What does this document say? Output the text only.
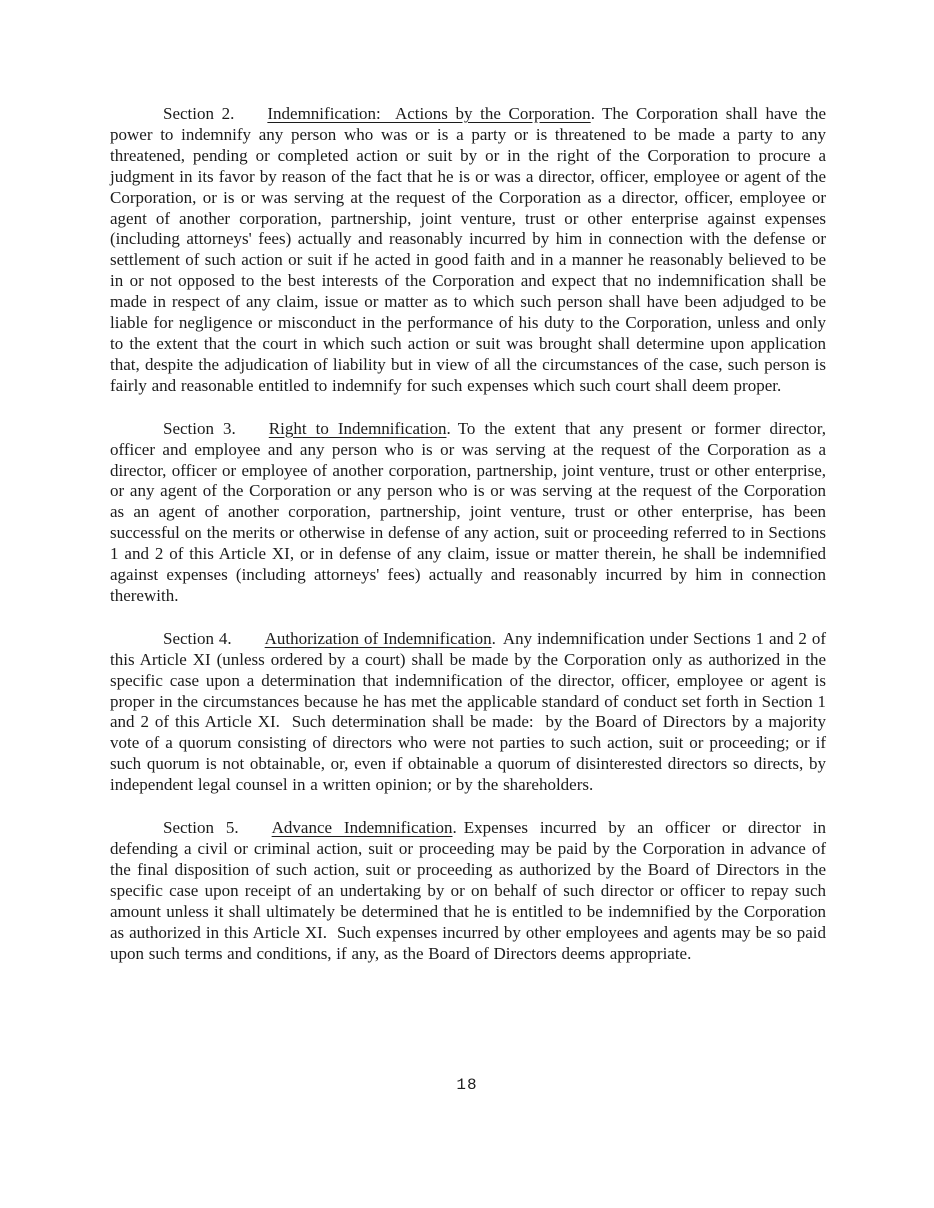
Section 2. Indemnification:  Actions by the Corporation. The Corporation shall have the power to indemnify any person who was or is a party or is threatened to be made a party to any threatened, pending or completed action or suit by or in the right of the Corporation to procure a judgment in its favor by reason of the fact that he is or was a director, officer, employee or agent of the Corporation, or is or was serving at the request of the Corporation as a director, officer, employee or agent of another corporation, partnership, joint venture, trust or other enterprise against expenses (including attorneys' fees) actually and reasonably incurred by him in connection with the defense or settlement of such action or suit if he acted in good faith and in a manner he reasonably believed to be in or not opposed to the best interests of the Corporation and expect that no indemnification shall be made in respect of any claim, issue or matter as to which such person shall have been adjudged to be liable for negligence or misconduct in the performance of his duty to the Corporation, unless and only to the extent that the court in which such action or suit was brought shall determine upon application that, despite the adjudication of liability but in view of all the circumstances of the case, such person is fairly and reasonable entitled to indemnify for such expenses which such court shall deem proper.

Section 3. Right to Indemnification. To the extent that any present or former director, officer and employee and any person who is or was serving at the request of the Corporation as a director, officer or employee of another corporation, partnership, joint venture, trust or other enterprise, or any agent of the Corporation or any person who is or was serving at the request of the Corporation as an agent of another corporation, partnership, joint venture, trust or other enterprise, has been successful on the merits or otherwise in defense of any action, suit or proceeding referred to in Sections 1 and 2 of this Article XI, or in defense of any claim, issue or matter therein, he shall be indemnified against expenses (including attorneys' fees) actually and reasonably incurred by him in connection therewith.

Section 4. Authorization of Indemnification. Any indemnification under Sections 1 and 2 of this Article XI (unless ordered by a court) shall be made by the Corporation only as authorized in the specific case upon a determination that indemnification of the director, officer, employee or agent is proper in the circumstances because he has met the applicable standard of conduct set forth in Section 1 and 2 of this Article XI.  Such determination shall be made:  by the Board of Directors by a majority vote of a quorum consisting of directors who were not parties to such action, suit or proceeding; or if such quorum is not obtainable, or, even if obtainable a quorum of disinterested directors so directs, by independent legal counsel in a written opinion; or by the shareholders.

Section 5. Advance Indemnification. Expenses incurred by an officer or director in defending a civil or criminal action, suit or proceeding may be paid by the Corporation in advance of the final disposition of such action, suit or proceeding as authorized by the Board of Directors in the specific case upon receipt of an undertaking by or on behalf of such director or officer to repay such amount unless it shall ultimately be determined that he is entitled to be indemnified by the Corporation as authorized in this Article XI.  Such expenses incurred by other employees and agents may be so paid upon such terms and conditions, if any, as the Board of Directors deems appropriate.

18
